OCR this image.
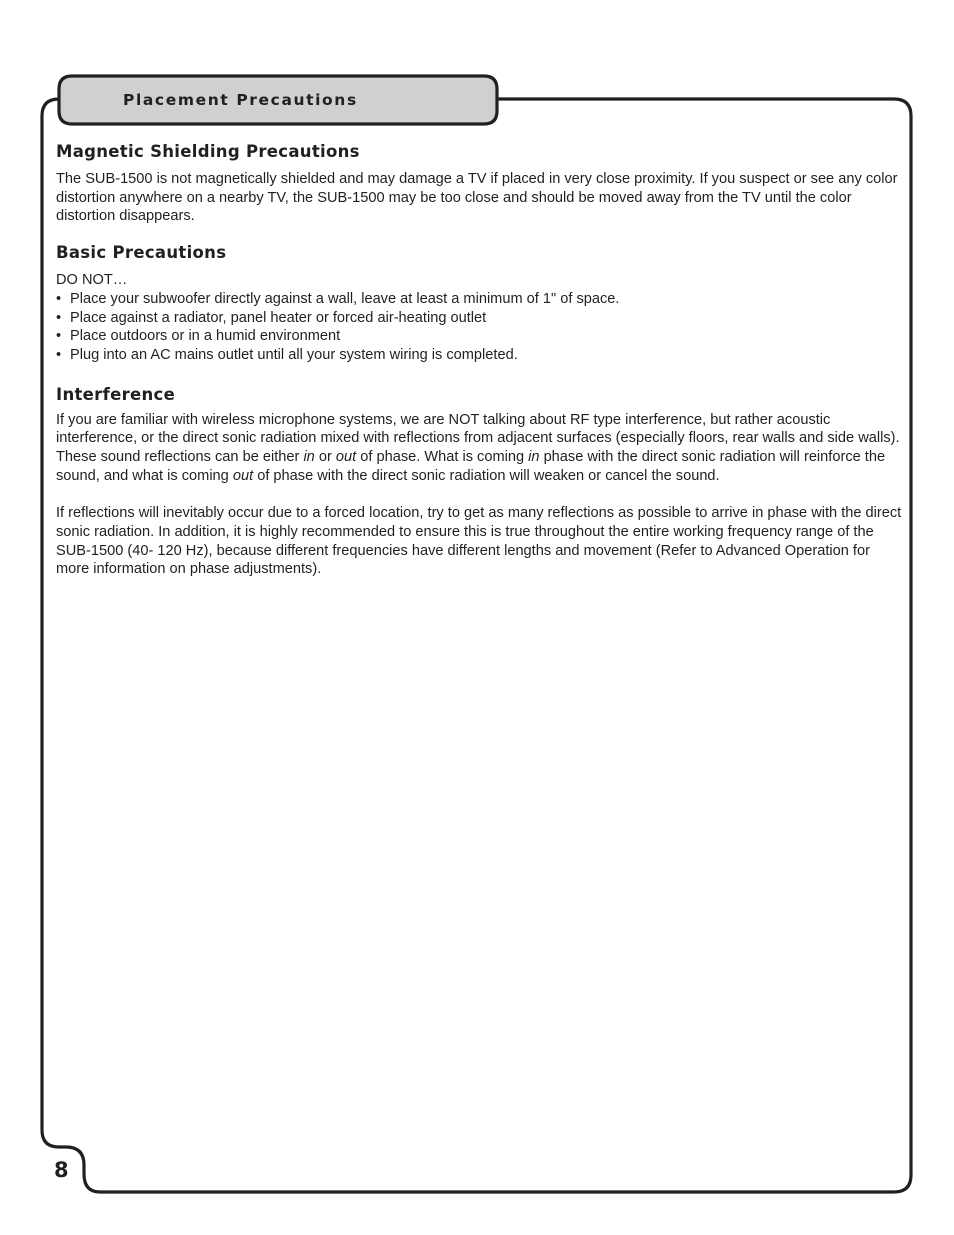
Placement Precautions
Magnetic Shielding Precautions

The SUB-1500 is not magnetically shielded and may damage a TV if placed in very close proximity. If you suspect or see any color distortion anywhere on a nearby TV, the SUB-1500 may be too close and should be moved away from the TV until the color distortion disappears.

Basic Precautions
DO NOT…
• Place your subwoofer directly against a wall, leave at least a minimum of 1" of space.
• Place against a radiator, panel heater or forced air-heating outlet
• Place outdoors or in a humid environment
• Plug into an AC mains outlet until all your system wiring is completed.
Interference

If you are familiar with wireless microphone systems, we are NOT talking about RF type interference, but rather acoustic interference, or the direct sonic radiation mixed with reflections from adjacent surfaces (especially floors, rear walls and side walls). These sound reflections can be either in or out of phase. What is coming in phase with the direct sonic radiation will reinforce the sound, and what is coming out of phase with the direct sonic radiation will weaken or cancel the sound.

If reflections will inevitably occur due to a forced location, try to get as many reflections as possible to arrive in phase with the direct sonic radiation. In addition, it is highly recommended to ensure this is true throughout the entire working frequency range of the SUB-1500 (40- 120 Hz), because different frequencies have different lengths and movement (Refer to Advanced Operation for more information on phase adjustments).

8
